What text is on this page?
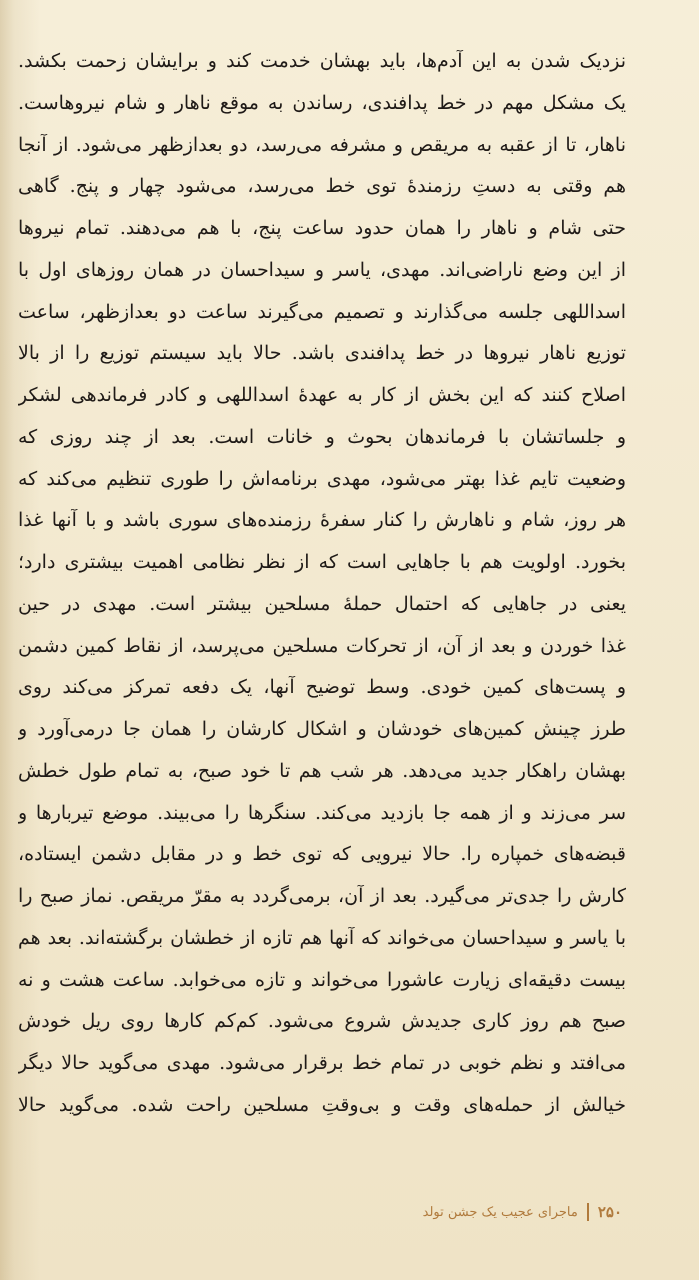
نزدیک شدن به این آدم‌ها، باید بهشان خدمت کند و برایشان زحمت بکشد.
یک مشکل مهم در خط پدافندی، رساندن به موقع ناهار و شام نیروهاست.
ناهار، تا از عقبه به مریقص و مشرفه می‌رسد، دوِ بعدازظهر می‌شود. از آنجا
هم وقتی به دستِ رزمندهٔ توی خط می‌رسد، می‌شود چهار و پنج. گاهی
حتی شام و ناهار را همان حدود ساعت پنج، با هم می‌دهند. تمام نیروها
از این وضع ناراضی‌اند. مهدی، یاسر و سیداحسان در همان روزهای اول با
اسداللهی جلسه می‌گذارند و تصمیم می‌گیرند ساعت دو بعدازظهر، ساعت
توزیع ناهار نیروها در خط پدافندی باشد. حالا باید سیستم توزیع را از بالا
اصلاح کنند که این بخش از کار به عهدهٔ اسداللهی و کادر فرماندهی لشکر
و جلساتشان با فرماندهان بحوث و خانات است. بعد از چند روزی که
وضعیت تایم غذا بهتر می‌شود، مهدی برنامه‌اش را طوری تنظیم می‌کند که
هر روز، شام و ناهارش را کنار سفرهٔ رزمنده‌های سوری باشد و با آنها غذا
بخورد. اولویت هم با جاهایی است که از نظر نظامی اهمیت بیشتری دارد؛
یعنی در جاهایی که احتمال حملهٔ مسلحین بیشتر است. مهدی در حین
غذا خوردن و بعد از آن، از تحرکات مسلحین می‌پرسد، از نقاط کمین دشمن
و پست‌های کمین خودی. وسط توضیح آنها، یک دفعه تمرکز می‌کند روی
طرز چینش کمین‌های خودشان و اشکال کارشان را همان جا درمی‌آورد و
بهشان راهکار جدید می‌دهد. هر شب هم تا خود صبح، به تمام طول خطش
سر می‌زند و از همه جا بازدید می‌کند. سنگرها را می‌بیند. موضع تیربارها و
قبضه‌های خمپاره را. حالا نیرویی که توی خط و در مقابل دشمن ایستاده،
کارش را جدی‌تر می‌گیرد. بعد از آن، برمی‌گردد به مقرّ مریقص. نماز صبح را
با یاسر و سیداحسان می‌خواند که آنها هم تازه از خطشان برگشته‌اند. بعد هم
بیست دقیقه‌ای زیارت عاشورا می‌خواند و تازه می‌خوابد. ساعت هشت و نه
صبح هم روز کاری جدیدش شروع می‌شود. کم‌کم کارها روی ریل خودش
می‌افتد و نظم خوبی در تمام خط برقرار می‌شود. مهدی می‌گوید حالا دیگر
خیالش از حمله‌های وقت و بی‌وقتِ مسلحین راحت شده. می‌گوید حالا
۲۵۰
ماجرای عجیب یک جشن تولد
